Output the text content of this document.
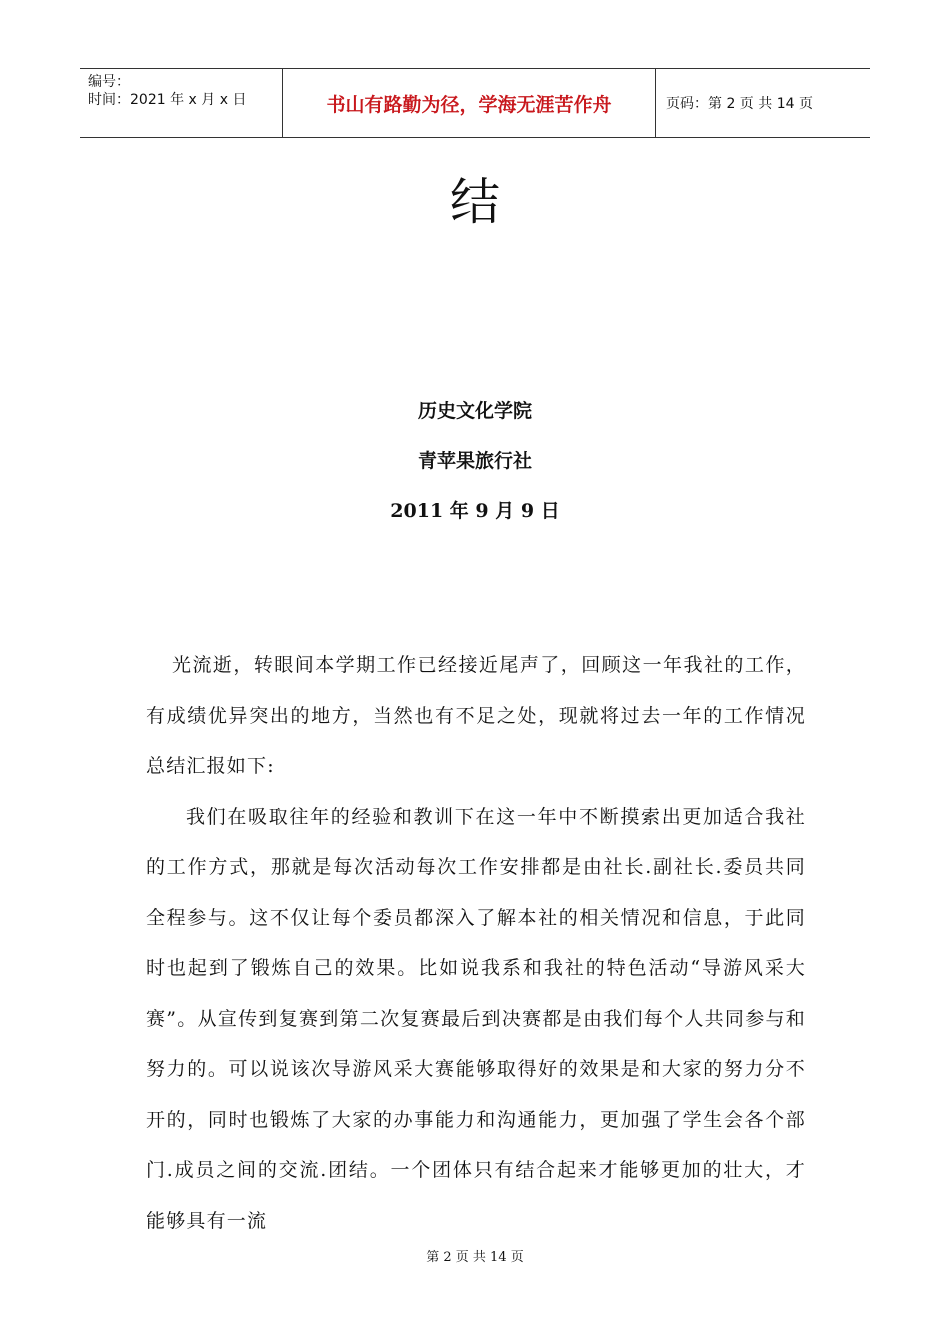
编号：
时间：2021 年 x 月 x 日	书山有路勤为径，学海无涯苦作舟	页码：第 2 页 共 14 页
结
历史文化学院
青苹果旅行社
2011 年 9 月 9 日

光流逝，转眼间本学期工作已经接近尾声了，回顾这一年我社的工作，有成绩优异突出的地方，当然也有不足之处，现就将过去一年的工作情况总结汇报如下:

我们在吸取往年的经验和教训下在这一年中不断摸索出更加适合我社的工作方式，那就是每次活动每次工作安排都是由社长.副社长.委员共同全程参与。这不仅让每个委员都深入了解本社的相关情况和信息，于此同时也起到了锻炼自己的效果。比如说我系和我社的特色活动“导游风采大赛”。从宣传到复赛到第二次复赛最后到决赛都是由我们每个人共同参与和努力的。可以说该次导游风采大赛能够取得好的效果是和大家的努力分不开的，同时也锻炼了大家的办事能力和沟通能力，更加强了学生会各个部门.成员之间的交流.团结。一个团体只有结合起来才能够更加的壮大，才能够具有一流

第 2 页 共 14 页
